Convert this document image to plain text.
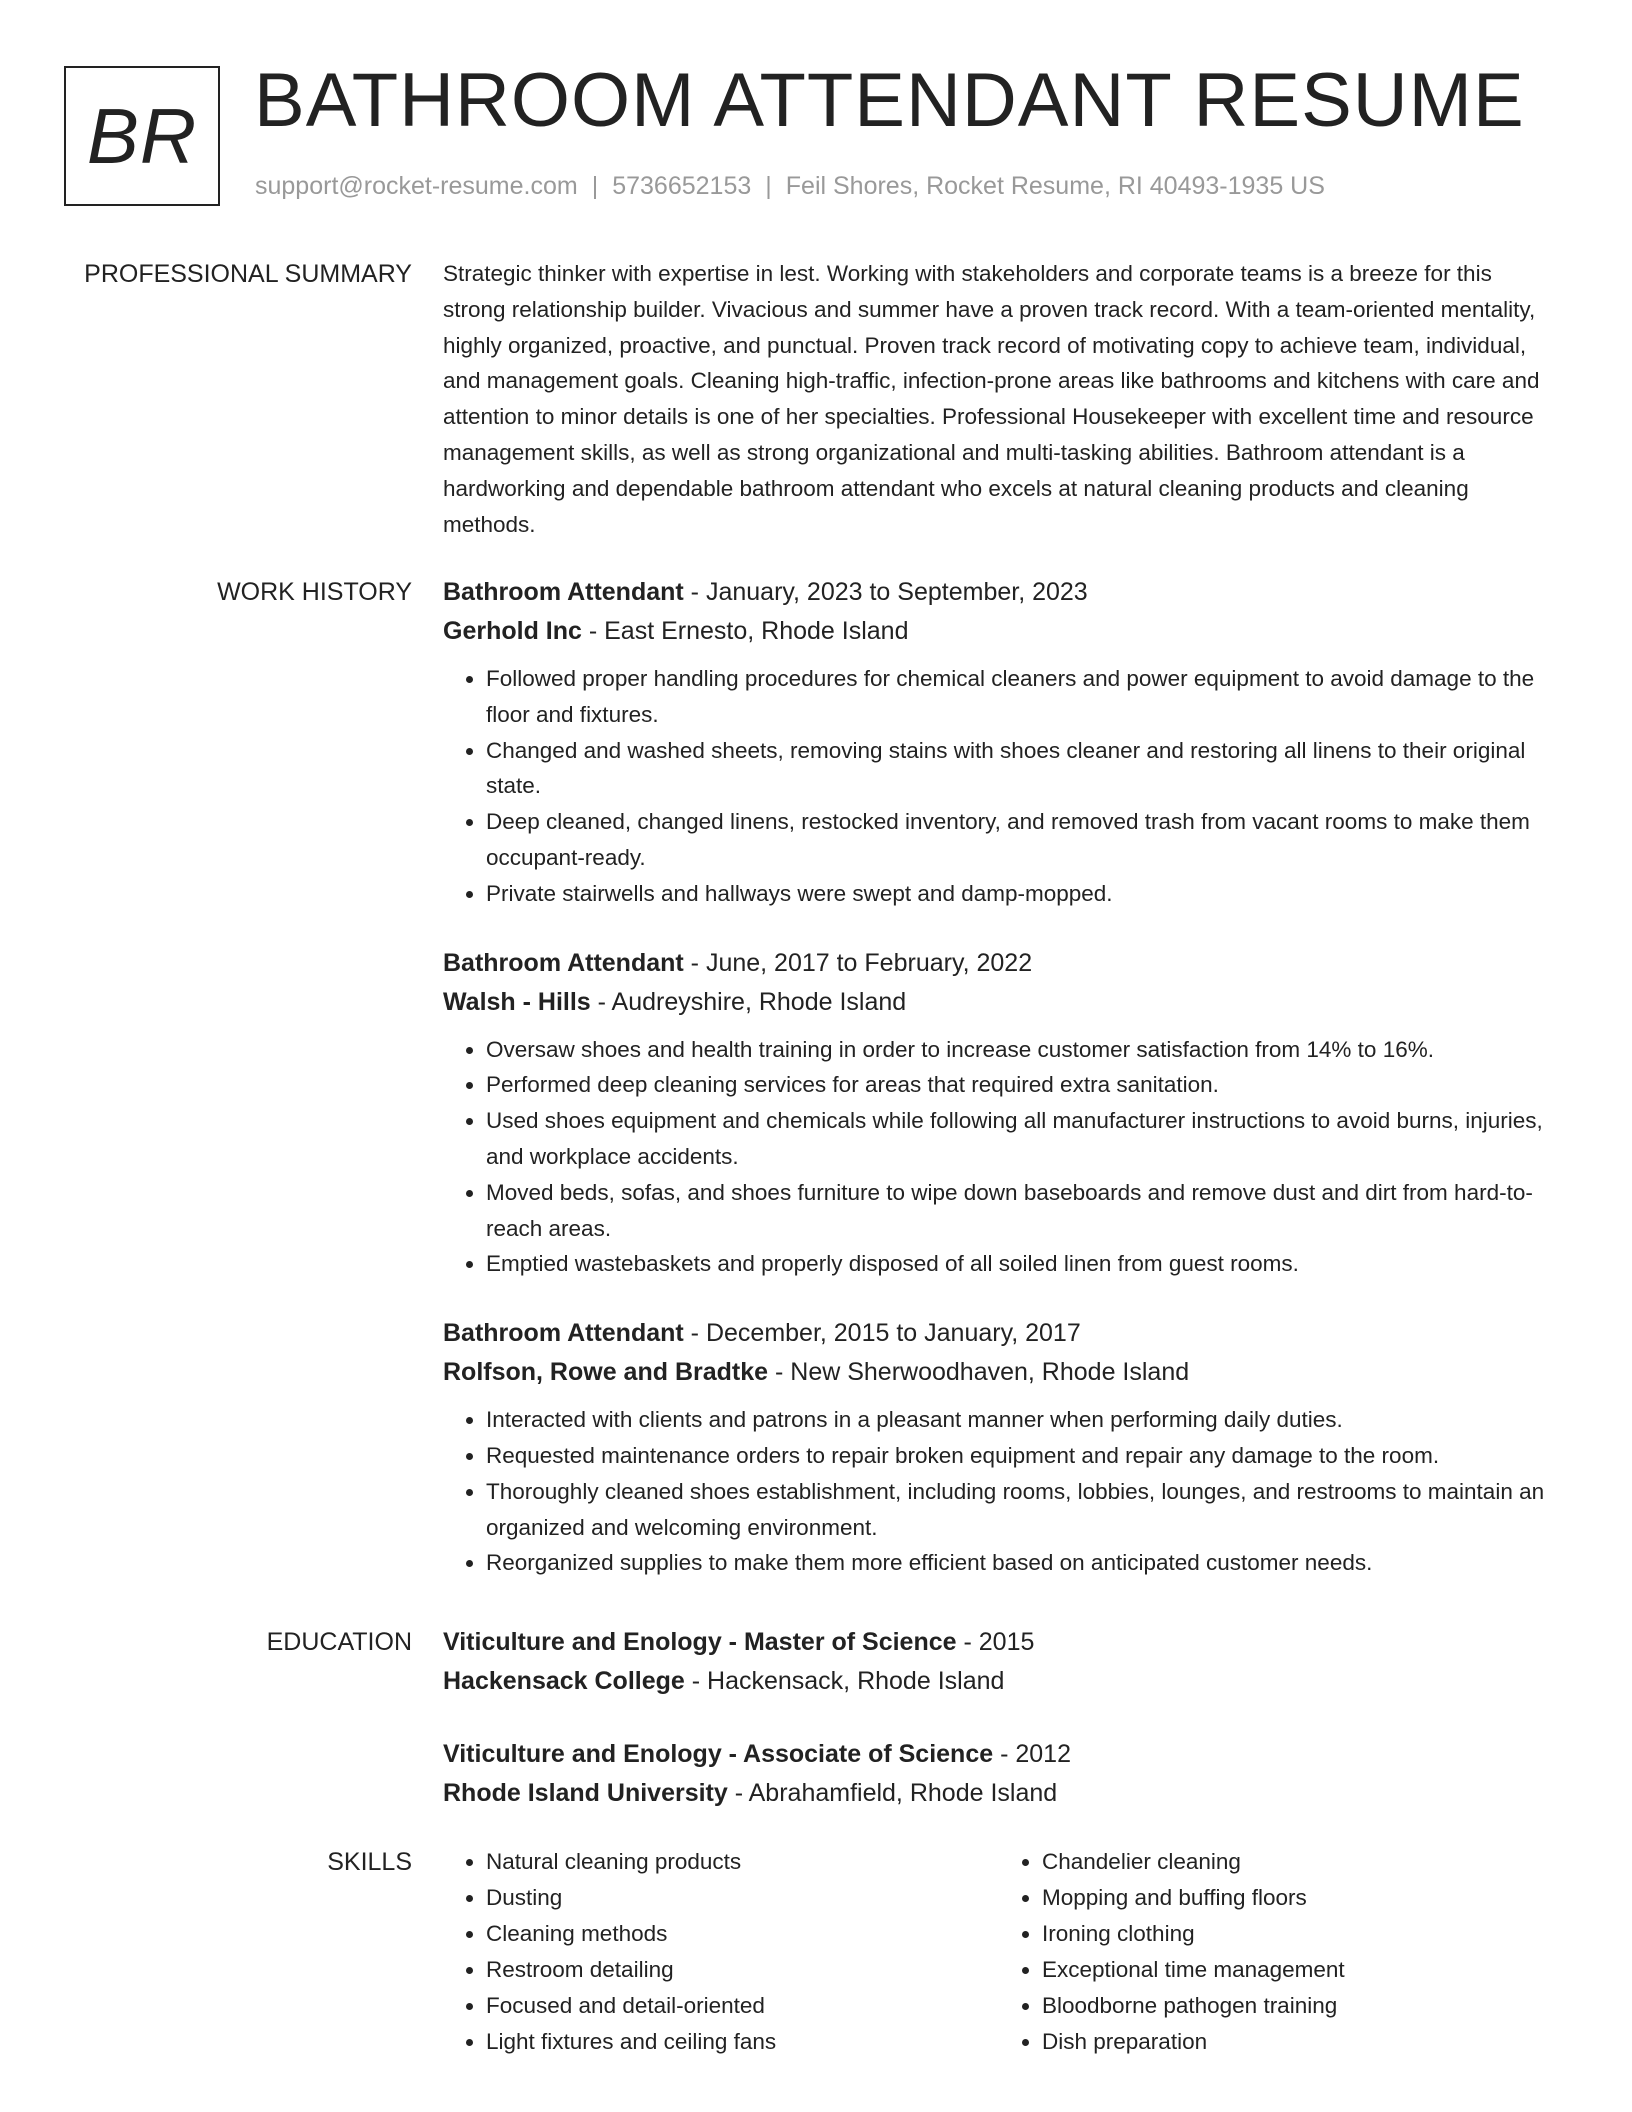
BR BATHROOM ATTENDANT RESUME
support@rocket-resume.com | 5736652153 | Feil Shores, Rocket Resume, RI 40493-1935 US
PROFESSIONAL SUMMARY Strategic thinker with expertise in lest. Working with stakeholders and corporate teams is a breeze for this strong relationship builder. Vivacious and summer have a proven track record. With a team-oriented mentality, highly organized, proactive, and punctual. Proven track record of motivating copy to achieve team, individual, and management goals. Cleaning high-traffic, infection-prone areas like bathrooms and kitchens with care and attention to minor details is one of her specialties. Professional Housekeeper with excellent time and resource management skills, as well as strong organizational and multi-tasking abilities. Bathroom attendant is a hardworking and dependable bathroom attendant who excels at natural cleaning products and cleaning methods.

WORK HISTORY Bathroom Attendant - January, 2023 to September, 2023
Gerhold Inc - East Ernesto, Rhode Island
• Followed proper handling procedures for chemical cleaners and power equipment to avoid damage to the floor and fixtures.
• Changed and washed sheets, removing stains with shoes cleaner and restoring all linens to their original state.
• Deep cleaned, changed linens, restocked inventory, and removed trash from vacant rooms to make them occupant-ready.
• Private stairwells and hallways were swept and damp-mopped.
Bathroom Attendant - June, 2017 to February, 2022
Walsh - Hills - Audreyshire, Rhode Island
• Oversaw shoes and health training in order to increase customer satisfaction from 14% to 16%.
• Performed deep cleaning services for areas that required extra sanitation.
• Used shoes equipment and chemicals while following all manufacturer instructions to avoid burns, injuries, and workplace accidents.
• Moved beds, sofas, and shoes furniture to wipe down baseboards and remove dust and dirt from hard-to-reach areas.
• Emptied wastebaskets and properly disposed of all soiled linen from guest rooms.
Bathroom Attendant - December, 2015 to January, 2017
Rolfson, Rowe and Bradtke - New Sherwoodhaven, Rhode Island
• Interacted with clients and patrons in a pleasant manner when performing daily duties.
• Requested maintenance orders to repair broken equipment and repair any damage to the room.
• Thoroughly cleaned shoes establishment, including rooms, lobbies, lounges, and restrooms to maintain an organized and welcoming environment.
• Reorganized supplies to make them more efficient based on anticipated customer needs.
EDUCATION Viticulture and Enology - Master of Science - 2015
Hackensack College - Hackensack, Rhode Island
Viticulture and Enology - Associate of Science - 2012
Rhode Island University - Abrahamfield, Rhode Island
SKILLS
•	Natural cleaning products
• Dusting
• Cleaning methods
• Restroom detailing
• Focused and detail-oriented
• Light fixtures and ceiling fans
• Chandelier cleaning
• Mopping and buffing floors
• Ironing clothing
• Exceptional time management
• Bloodborne pathogen training
• Dish preparation
